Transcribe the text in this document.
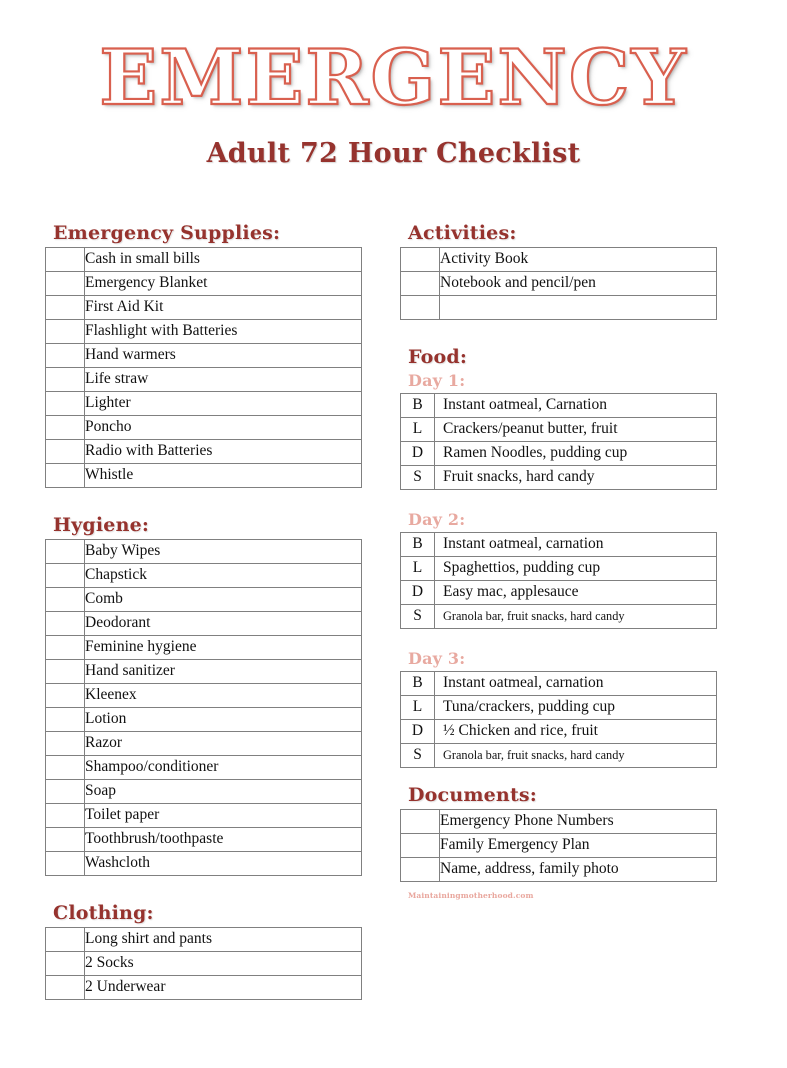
EMERGENCY
Adult 72 Hour Checklist
Emergency Supplies:
	Cash in small bills
	Emergency Blanket
	First Aid Kit
	Flashlight with Batteries
	Hand warmers
	Life straw
	Lighter
	Poncho
	Radio with Batteries
	Whistle
Hygiene:
	Baby Wipes
	Chapstick
	Comb
	Deodorant
	Feminine hygiene
	Hand sanitizer
	Kleenex
	Lotion
	Razor
	Shampoo/conditioner
	Soap
	Toilet paper
	Toothbrush/toothpaste
	Washcloth
Clothing:
	Long shirt and pants
	2 Socks
	2 Underwear
Activities:
	Activity Book
	Notebook and pencil/pen

Food:
Day 1:
B	Instant oatmeal, Carnation
L	Crackers/peanut butter, fruit
D	Ramen Noodles, pudding cup
S	Fruit snacks, hard candy
Day 2:
B	Instant oatmeal, carnation
L	Spaghettios, pudding cup
D	Easy mac, applesauce
S	Granola bar, fruit snacks, hard candy
Day 3:
B	Instant oatmeal, carnation
L	Tuna/crackers, pudding cup
D	½ Chicken and rice, fruit
S	Granola bar, fruit snacks, hard candy
Documents:
	Emergency Phone Numbers
	Family Emergency Plan
	Name, address, family photo
Maintainingmotherhood.com
